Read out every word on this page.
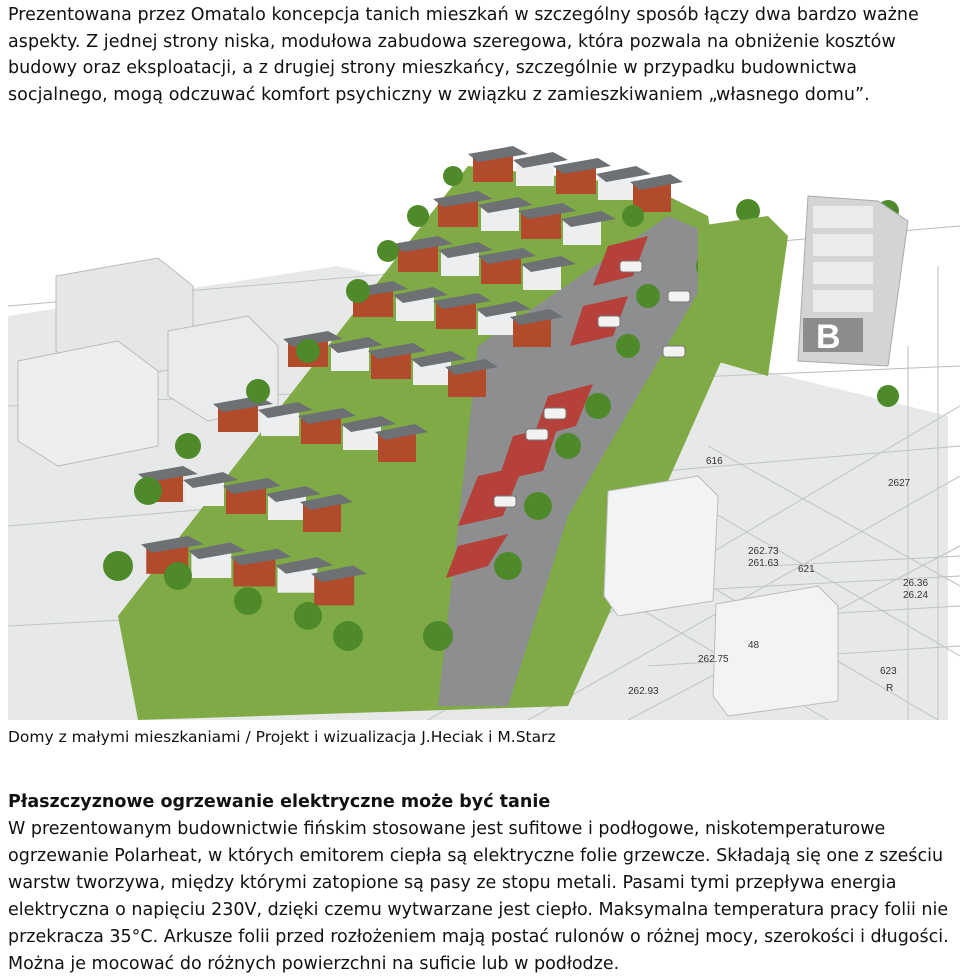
Prezentowana przez Omatalo koncepcja tanich mieszkań w szczególny sposób łączy dwa bardzo ważne aspekty. Z jednej strony niska, modułowa zabudowa szeregowa, która pozwala na obniżenie kosztów budowy oraz eksploatacji, a z drugiej strony mieszkańcy, szczególnie w przypadku budownictwa socjalnego, mogą odczuwać komfort psychiczny w związku z zamieszkiwaniem „własnego domu”.

B
616
2627
262.73
261.63
621
26.36
26.24
262.75
262.93
623
R
48

Domy z małymi mieszkaniami / Projekt i wizualizacja J.Heciak i M.Starz

Płaszczyznowe ogrzewanie elektryczne może być tanie

W prezentowanym budownictwie fińskim stosowane jest sufitowe i podłogowe, niskotemperaturowe ogrzewanie Polarheat, w których emitorem ciepła są elektryczne folie grzewcze. Składają się one z sześciu warstw tworzywa, między którymi zatopione są pasy ze stopu metali. Pasami tymi przepływa energia elektryczna o napięciu 230V, dzięki czemu wytwarzane jest ciepło. Maksymalna temperatura pracy folii nie przekracza 35°C. Arkusze folii przed rozłożeniem mają postać rulonów o różnej mocy, szerokości i długości. Można je mocować do różnych powierzchni na suficie lub w podłodze.
